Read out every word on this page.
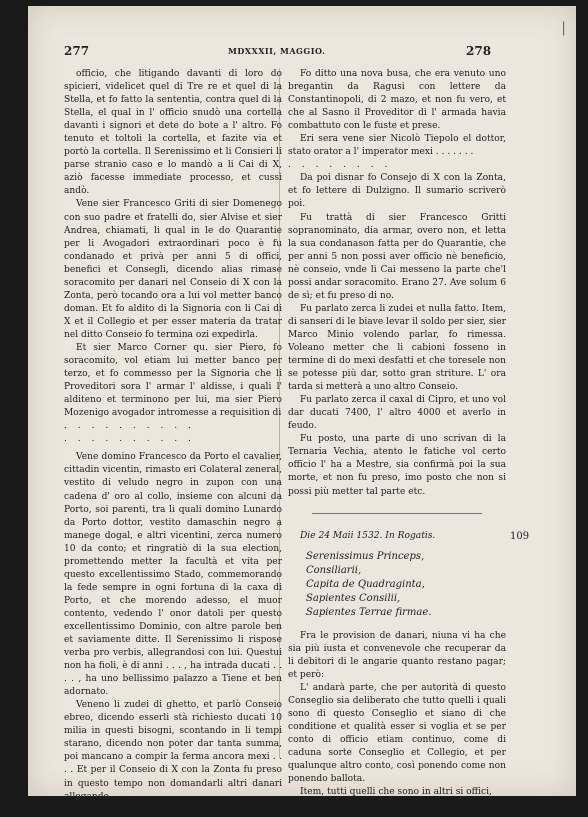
|
277	MDXXXII, MAGGIO.	278

officio, che litigando davanti di loro do spicieri, videlicet quel di Tre re et quel di la Stella, et fo fatto la sententia, contra quel di la Stella, el qual in l' officio snudò una cortella davanti i signori et dete do bote a l' altro. Fo tenuto et toltoli la cortella, et fazite via et portò la cortella. Il Serenissimo et li Consieri li parse stranio caso e lo mandò a li Cai di X, aziò facesse immediate processo, et cussì andò.

Vene sier Francesco Griti di sier Domenego con suo padre et fratelli do, sier Alvise et sier Andrea, chiamati, li qual in le do Quarantie per li Avogadori extraordinari poco è fu condanado et privà per anni 5 di offici, benefici et Consegli, dicendo alias rimase soracomito per danari nel Conseio di X con la Zonta, però tocando ora a lui vol metter banco doman. Et fo aldito di la Signoria con li Cai di X et il Collegio et per esser materia da tratar nel ditto Conseio fo termina ozi expedirla.

Et sier Marco Corner qu. sier Piero, fo soracomito, vol etiam lui metter banco per terzo, et fo commesso per la Signoria che li Proveditori sora l' armar l' aldisse, i quali l' alditeno et terminono per lui, ma sier Piero Mozenigo avogador intromesse a requisition di

. . . . . . . . . .

. . . . . . . . . .

Vene domino Francesco da Porto el cavalier, cittadin vicentin, rimasto eri Colateral zeneral, vestito di veludo negro in zupon con una cadena d' oro al collo, insieme con alcuni da Porto, soi parenti, tra li quali domino Lunardo da Porto dottor, vestito damaschin negro a manege dogal, e altri vicentini, zerca numero 10 da conto; et ringratiò di la sua election, promettendo metter la facultà et vita per questo excellentissimo Stado, commemorando la fede sempre in ogni fortuna di la caxa di Porto, et che morendo adesso, el muor contento, vedendo l' onor datoli per questo excellentissimo Dominio, con altre parole ben et saviamente ditte. Il Serenissimo li rispose verba pro verbis, allegrandosi con lui. Questui non ha fioli, è di anni . . . , ha intrada ducati . . . . , ha uno bellissimo palazzo a Tiene et ben adornato.

Veneno li zudei di ghetto, et parlò Conseio ebreo, dicendo esserli stà richiesto ducati 10 milia in questi bisogni, scontando in li tempi starano, dicendo non poter dar tanta summa, poi mancano a compir la ferma ancora mexi . . . . Et per il Conseio di X con la Zonta fu preso in questo tempo non domandarli altri danari allegando . . . .

. . . . . . . . .

Fo ditto una nova busa, che era venuto uno bregantin da Ragusi con lettere da Constantinopoli, di 2 mazo, et non fu vero, et che al Sasno il Proveditor di l' armada havia combattuto con le fuste et prese.

Eri sera vene sier Nicolò Tiepolo el dottor, stato orator a l' imperator mexi . . . . . . .

. . . . . . . .

Da poi disnar fo Consejo di X con la Zonta, et fo lettere di Dulzigno. Il sumario scriverò poi.

Fu trattà di sier Francesco Gritti sopranominato, dia armar, overo non, et letta la sua condanason fatta per do Quarantie, che per anni 5 non possi aver officio nè beneficio, nè conseio, vnde li Cai messeno la parte che'l possi andar soracomito. Erano 27. Ave solum 6 de sì; et fu preso di no.

Fu parlato zerca li zudei et nulla fatto. Item, di sanseri di le biave levar il soldo per sier, sier Marco Minio volendo parlar, fo rimessa. Voleano metter che li cabioni fosseno in termine di do mexi desfatti et che toresele non se potesse più dar, sotto gran striture. L' ora tarda si metterà a uno altro Conseio.

Fu parlato zerca il caxal di Cipro, et uno vol dar ducati 7400, l' altro 4000 et averlo in feudo.

Fu posto, una parte di uno scrivan di la Ternaria Vechia, atento le fatiche vol certo officio l' ha a Mestre, sia confirmà poi la sua morte, et non fu preso, imo posto che non si possi più metter tal parte etc.

Die 24 Maii 1532. In Rogatis.	109
Serenissimus Princeps,
Consiliarii,
Capita de Quadraginta,
Sapientes Consilii,
Sapientes Terrae firmae.

Fra le provision de danari, niuna vi ha che sia più iusta et convenevole che recuperar da li debitori di le angarie quanto restano pagar; et però:

L' andarà parte, che per autorità di questo Conseglio sia deliberato che tutto quelli i quali sono di questo Conseglio et siano di che conditione et qualità esser si voglia et se per conto di officio etiam continuo, come di caduna sorte Conseglio et Collegio, et per qualunque altro conto, così ponendo come non ponendo ballota.

Item, tutti quelli che sono in altri si offici,
